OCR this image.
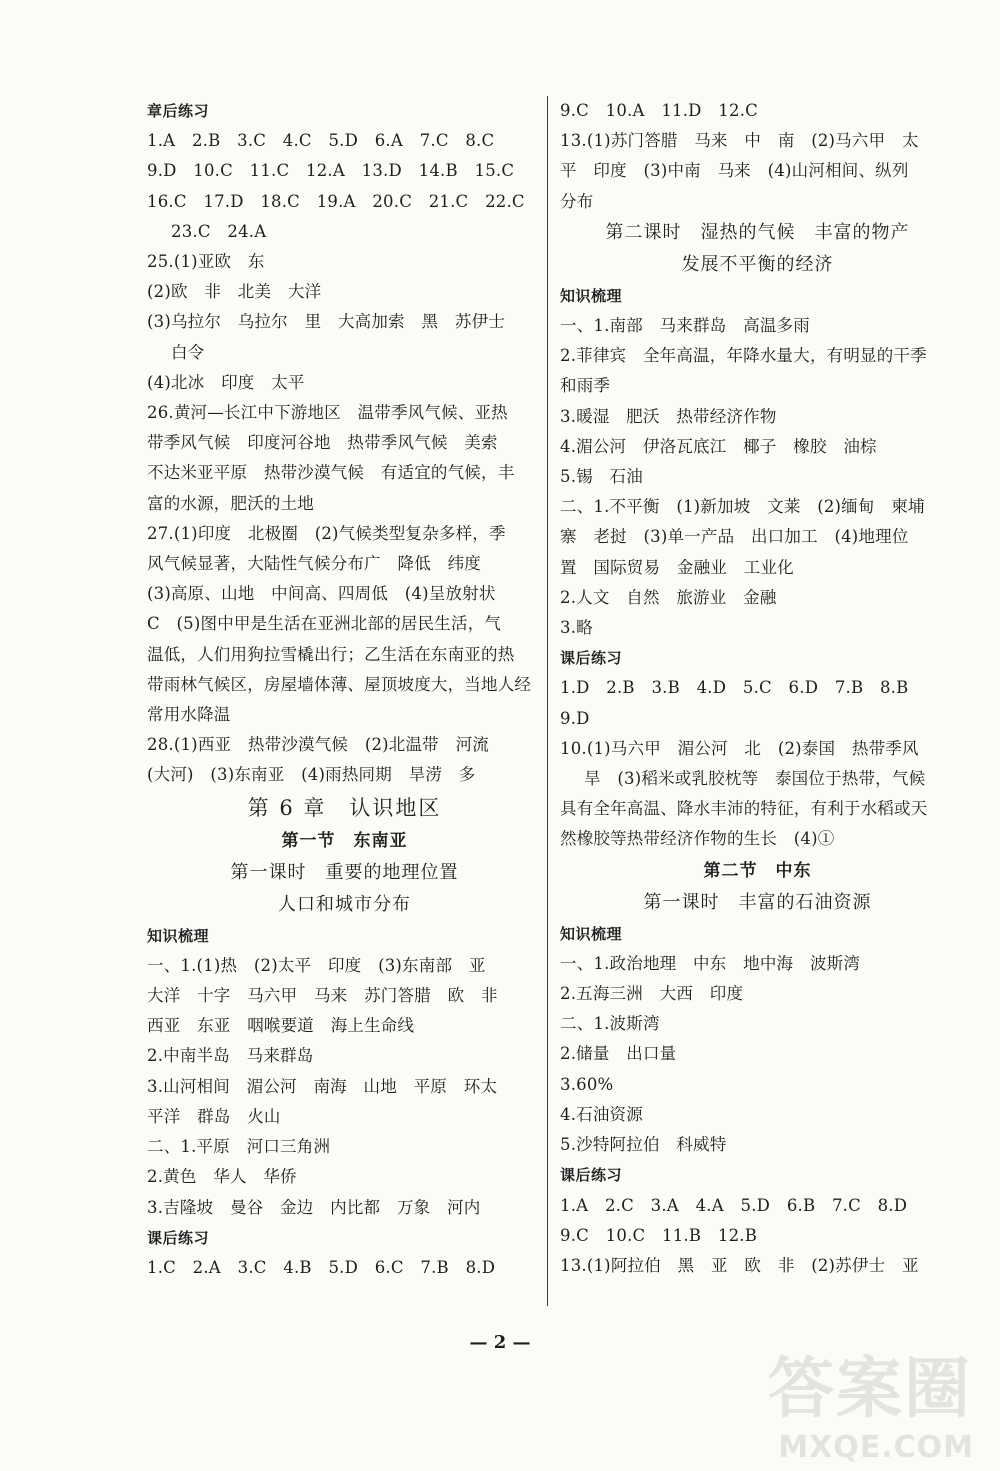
章后练习
1.A　2.B　3.C　4.C　5.D　6.A　7.C　8.C
9.D　10.C　11.C　12.A　13.D　14.B　15.C
16.C　17.D　18.C　19.A　20.C　21.C　22.C
23.C　24.A
25.(1)亚欧　东
(2)欧　非　北美　大洋
(3)乌拉尔　乌拉尔　里　大高加索　黑　苏伊士
白令
(4)北冰　印度　太平
26.黄河—长江中下游地区　温带季风气候、亚热
带季风气候　印度河谷地　热带季风气候　美索
不达米亚平原　热带沙漠气候　有适宜的气候，丰
富的水源，肥沃的土地
27.(1)印度　北极圈　(2)气候类型复杂多样，季
风气候显著，大陆性气候分布广　降低　纬度
(3)高原、山地　中间高、四周低　(4)呈放射状
C　(5)图中甲是生活在亚洲北部的居民生活，气
温低，人们用狗拉雪橇出行；乙生活在东南亚的热
带雨林气候区，房屋墙体薄、屋顶坡度大，当地人经
常用水降温
28.(1)西亚　热带沙漠气候　(2)北温带　河流
(大河)　(3)东南亚　(4)雨热同期　旱涝　多
第 6 章　认识地区
第一节　东南亚
第一课时　重要的地理位置
人口和城市分布
知识梳理
一、1.(1)热　(2)太平　印度　(3)东南部　亚
大洋　十字　马六甲　马来　苏门答腊　欧　非
西亚　东亚　咽喉要道　海上生命线
2.中南半岛　马来群岛
3.山河相间　湄公河　南海　山地　平原　环太
平洋　群岛　火山
二、1.平原　河口三角洲
2.黄色　华人　华侨
3.吉隆坡　曼谷　金边　内比都　万象　河内
课后练习
1.C　2.A　3.C　4.B　5.D　6.C　7.B　8.D
9.C　10.A　11.D　12.C
13.(1)苏门答腊　马来　中　南　(2)马六甲　太
平　印度　(3)中南　马来　(4)山河相间、纵列
分布
第二课时　湿热的气候　丰富的物产
发展不平衡的经济
知识梳理
一、1.南部　马来群岛　高温多雨
2.菲律宾　全年高温，年降水量大，有明显的干季
和雨季
3.暖湿　肥沃　热带经济作物
4.湄公河　伊洛瓦底江　椰子　橡胶　油棕
5.锡　石油
二、1.不平衡　(1)新加坡　文莱　(2)缅甸　柬埔
寨　老挝　(3)单一产品　出口加工　(4)地理位
置　国际贸易　金融业　工业化
2.人文　自然　旅游业　金融
3.略
课后练习
1.D　2.B　3.B　4.D　5.C　6.D　7.B　8.B
9.D
10.(1)马六甲　湄公河　北　(2)泰国　热带季风
旱　(3)稻米或乳胶枕等　泰国位于热带，气候
具有全年高温、降水丰沛的特征，有利于水稻或天
然橡胶等热带经济作物的生长　(4)①
第二节　中东
第一课时　丰富的石油资源
知识梳理
一、1.政治地理　中东　地中海　波斯湾
2.五海三洲　大西　印度
二、1.波斯湾
2.储量　出口量
3.60%
4.石油资源
5.沙特阿拉伯　科威特
课后练习
1.A　2.C　3.A　4.A　5.D　6.B　7.C　8.D
9.C　10.C　11.B　12.B
13.(1)阿拉伯　黑　亚　欧　非　(2)苏伊士　亚
— 2 —
答案圈
MXQE.COM
